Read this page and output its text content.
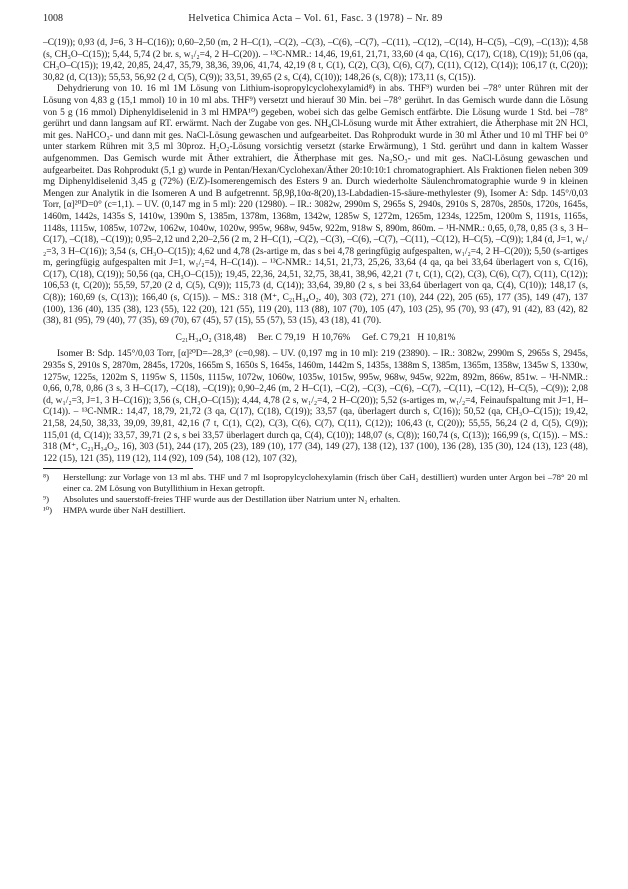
1008	Helvetica Chimica Acta – Vol. 61, Fasc. 3 (1978) – Nr. 89

–C(19)); 0,93 (d, J=6, 3 H–C(16)); 0,60–2,50 (m, 2 H–C(1), –C(2), –C(3), –C(6), –C(7), –C(11), –C(12), –C(14), H–C(5), –C(9), –C(13)); 4,58 (s, CH₃O–C(15)); 5,44, 5,74 (2 br. s, w₁/₂=4, 2 H–C(20)). – ¹³C-NMR.: 14,46, 19,61, 21,71, 33,60 (4 qa, C(16), C(17), C(18), C(19)); 51,06 (qa, CH₃O–C(15)); 19,42, 20,85, 24,47, 35,79, 38,36, 39,06, 41,74, 42,19 (8 t, C(1), C(2), C(3), C(6), C(7), C(11), C(12), C(14)); 106,17 (t, C(20)); 30,82 (d, C(13)); 55,53, 56,92 (2 d, C(5), C(9)); 33,51, 39,65 (2 s, C(4), C(10)); 148,26 (s, C(8)); 173,11 (s, C(15)).

Dehydrierung von 10. 16 ml 1M Lösung von Lithium-isopropylcyclohexylamid⁸) in abs. THF⁹) wurden bei –78° unter Rühren mit der Lösung von 4,83 g (15,1 mmol) 10 in 10 ml abs. THF⁹) versetzt und hierauf 30 Min. bei –78° gerührt. In das Gemisch wurde dann die Lösung von 5 g (16 mmol) Diphenyldiselenid in 3 ml HMPA¹⁰) gegeben, wobei sich das gelbe Gemisch entfärbte. Die Lösung wurde 1 Std. bei –78° gerührt und dann langsam auf RT. erwärmt. Nach der Zugabe von ges. NH₄Cl-Lösung wurde mit Äther extrahiert, die Ätherphase mit 2N HCl, mit ges. NaHCO₃- und dann mit ges. NaCl-Lösung gewaschen und aufgearbeitet. Das Rohprodukt wurde in 30 ml Äther und 10 ml THF bei 0° unter starkem Rühren mit 3,5 ml 30proz. H₂O₂-Lösung vorsichtig versetzt (starke Erwärmung), 1 Std. gerührt und dann in kaltem Wasser aufgenommen. Das Gemisch wurde mit Äther extrahiert, die Ätherphase mit ges. Na₂SO₃- und mit ges. NaCl-Lösung gewaschen und aufgearbeitet. Das Rohprodukt (5,1 g) wurde in Pentan/Hexan/Cyclohexan/Äther 20:10:10:1 chromatographiert. Als Fraktionen fielen neben 309 mg Diphenyldiselenid 3,45 g (72%) (E/Z)-Isomerengemisch des Esters 9 an. Durch wiederholte Säulenchromatographie wurde 9 in kleinen Mengen zur Analytik in die Isomeren A und B aufgetrennt. 5β,9β,10α-8(20),13-Labdadien-15-säure-methylester (9), Isomer A: Sdp. 145°/0,03 Torr, [α]²⁰D=0° (c=1,1). – UV. (0,147 mg in 5 ml): 220 (12980). – IR.: 3082w, 2990m S, 2965s S, 2940s, 2910s S, 2870s, 2850s, 1720s, 1645s, 1460m, 1442s, 1435s S, 1410w, 1390m S, 1385m, 1378m, 1368m, 1342w, 1285w S, 1272m, 1265m, 1234s, 1225m, 1200m S, 1191s, 1165s, 1148s, 1115w, 1085w, 1072w, 1062w, 1040w, 1020w, 995w, 968w, 945w, 922m, 918w S, 890m, 860m. – ¹H-NMR.: 0,65, 0,78, 0,85 (3 s, 3 H–C(17), –C(18), –C(19)); 0,95–2,12 und 2,20–2,56 (2 m, 2 H–C(1), –C(2), –C(3), –C(6), –C(7), –C(11), –C(12), H–C(5), –C(9)); 1,84 (d, J=1, w₁/₂=3, 3 H–C(16)); 3,54 (s, CH₃O–C(15)); 4,62 und 4,78 (2s-artige m, das s bei 4,78 geringfügig aufgespalten, w₁/₂=4, 2 H–C(20)); 5,50 (s-artiges m, geringfügig aufgespalten mit J=1, w₁/₂=4, H–C(14)). – ¹³C-NMR.: 14,51, 21,73, 25,26, 33,64 (4 qa, qa bei 33,64 überlagert von s, C(16), C(17), C(18), C(19)); 50,56 (qa, CH₃O–C(15)); 19,45, 22,36, 24,51, 32,75, 38,41, 38,96, 42,21 (7 t, C(1), C(2), C(3), C(6), C(7), C(11), C(12)); 106,53 (t, C(20)); 55,59, 57,20 (2 d, C(5), C(9)); 115,73 (d, C(14)); 33,64, 39,80 (2 s, s bei 33,64 überlagert von qa, C(4), C(10)); 148,17 (s, C(8)); 160,69 (s, C(13)); 166,40 (s, C(15)). – MS.: 318 (M⁺, C₂₁H₃₄O₂, 40), 303 (72), 271 (10), 244 (22), 205 (65), 177 (35), 149 (47), 137 (100), 136 (40), 135 (38), 123 (55), 122 (20), 121 (55), 119 (20), 113 (88), 107 (70), 105 (47), 103 (25), 95 (70), 93 (47), 91 (42), 83 (42), 82 (38), 81 (95), 79 (40), 77 (35), 69 (70), 67 (45), 57 (15), 55 (57), 53 (15), 43 (18), 41 (70).

C₂₁H₃₄O₂ (318,48)     Ber. C 79,19   H 10,76%     Gef. C 79,21   H 10,81%

Isomer B: Sdp. 145°/0,03 Torr, [α]²⁰D=–28,3° (c=0,98). – UV. (0,197 mg in 10 ml): 219 (23890). – IR.: 3082w, 2990m S, 2965s S, 2945s, 2935s S, 2910s S, 2870m, 2845s, 1720s, 1665m S, 1650s S, 1645s, 1460m, 1442m S, 1435s, 1388m S, 1385m, 1365m, 1358w, 1345w S, 1330w, 1275w, 1225s, 1202m S, 1195w S, 1150s, 1115w, 1072w, 1060w, 1035w, 1015w, 995w, 968w, 945w, 922m, 892m, 866w, 851w. – ¹H-NMR.: 0,66, 0,78, 0,86 (3 s, 3 H–C(17), –C(18), –C(19)); 0,90–2,46 (m, 2 H–C(1), –C(2), –C(3), –C(6), –C(7), –C(11), –C(12), H–C(5), –C(9)); 2,08 (d, w₁/₂=3, J=1, 3 H–C(16)); 3,56 (s, CH₃O–C(15)); 4,44, 4,78 (2 s, w₁/₂=4, 2 H–C(20)); 5,52 (s-artiges m, w₁/₂=4, Feinaufspaltung mit J=1, H–C(14)). – ¹³C-NMR.: 14,47, 18,79, 21,72 (3 qa, C(17), C(18), C(19)); 33,57 (qa, überlagert durch s, C(16)); 50,52 (qa, CH₃O–C(15)); 19,42, 21,58, 24,50, 38,33, 39,09, 39,81, 42,16 (7 t, C(1), C(2), C(3), C(6), C(7), C(11), C(12)); 106,43 (t, C(20)); 55,55, 56,24 (2 d, C(5), C(9)); 115,01 (d, C(14)); 33,57, 39,71 (2 s, s bei 33,57 überlagert durch qa, C(4), C(10)); 148,07 (s, C(8)); 160,74 (s, C(13)); 166,99 (s, C(15)). – MS.: 318 (M⁺, C₂₁H₃₄O₂, 16), 303 (51), 244 (17), 205 (23), 189 (10), 177 (34), 149 (27), 138 (12), 137 (100), 136 (28), 135 (30), 124 (13), 123 (48), 122 (15), 121 (35), 119 (12), 114 (92), 109 (54), 108 (12), 107 (32),

⁸)	Herstellung: zur Vorlage von 13 ml abs. THF und 7 ml Isopropylcyclohexylamin (frisch über CaH₂ destilliert) wurden unter Argon bei –78° 20 ml einer ca. 2M Lösung von Butyllithium in Hexan getropft.
⁹)	Absolutes und sauerstoff-freies THF wurde aus der Destillation über Natrium unter N₂ erhalten.
¹⁰)	HMPA wurde über NaH destilliert.
